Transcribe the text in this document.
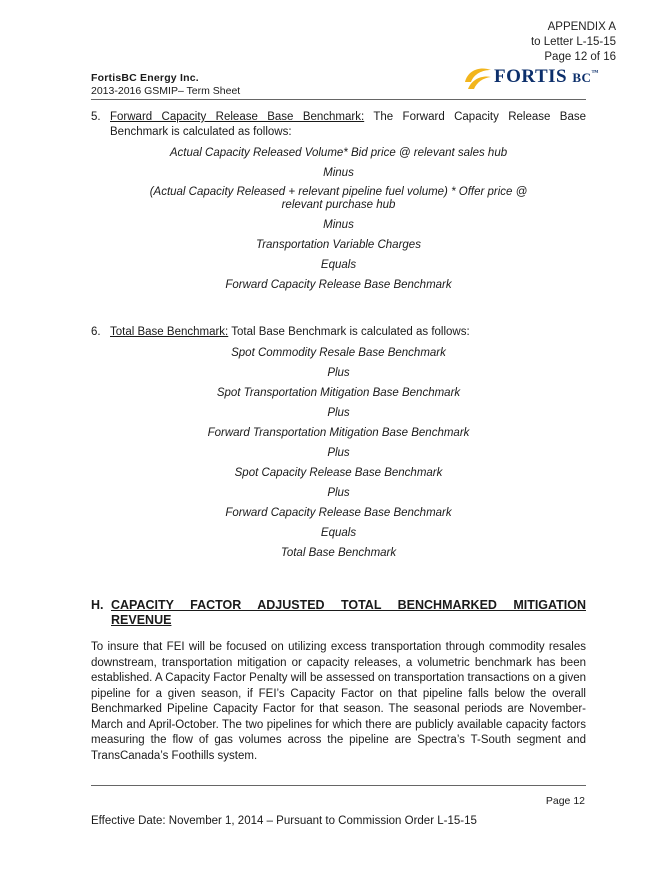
APPENDIX A
to Letter L-15-15
Page 12 of 16
FortisBC Energy Inc.
2013-2016 GSMIP– Term Sheet
FORTIS BC™
5. Forward Capacity Release Base Benchmark: The Forward Capacity Release Base Benchmark is calculated as follows:
Actual Capacity Released Volume* Bid price @ relevant sales hub
Minus
(Actual Capacity Released + relevant pipeline fuel volume) * Offer price @ relevant purchase hub
Minus
Transportation Variable Charges
Equals
Forward Capacity Release Base Benchmark
6. Total Base Benchmark: Total Base Benchmark is calculated as follows:
Spot Commodity Resale Base Benchmark
Plus
Spot Transportation Mitigation Base Benchmark
Plus
Forward Transportation Mitigation Base Benchmark
Plus
Spot Capacity Release Base Benchmark
Plus
Forward Capacity Release Base Benchmark
Equals
Total Base Benchmark
H. CAPACITY FACTOR ADJUSTED TOTAL BENCHMARKED MITIGATION
REVENUE
To insure that FEI will be focused on utilizing excess transportation through commodity resales downstream, transportation mitigation or capacity releases, a volumetric benchmark has been established. A Capacity Factor Penalty will be assessed on transportation transactions on a given pipeline for a given season, if FEI’s Capacity Factor on that pipeline falls below the overall Benchmarked Pipeline Capacity Factor for that season. The seasonal periods are November-March and April-October. The two pipelines for which there are publicly available capacity factors measuring the flow of gas volumes across the pipeline are Spectra’s T-South segment and TransCanada’s Foothills system.
Page 12
Effective Date: November 1, 2014 – Pursuant to Commission Order L-15-15
